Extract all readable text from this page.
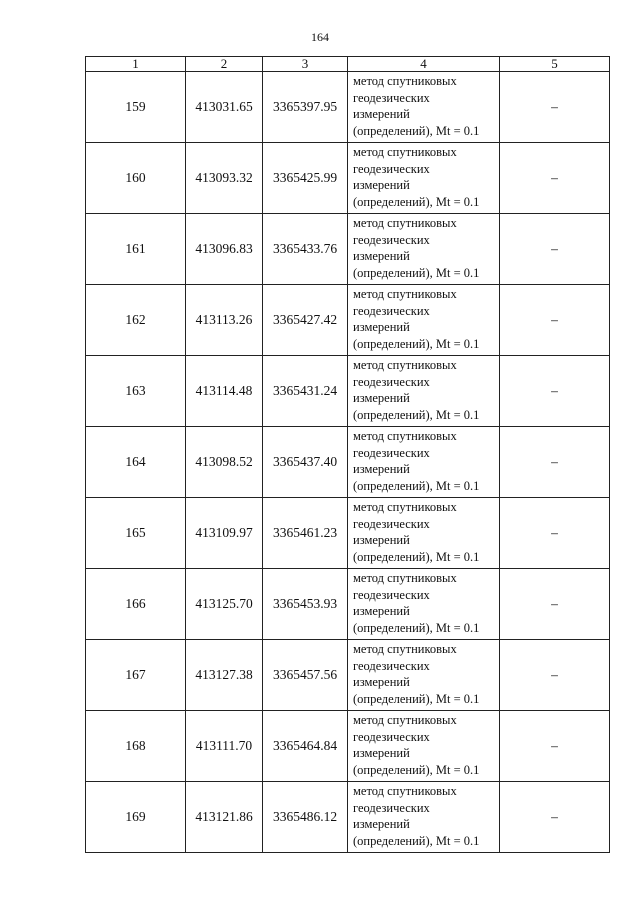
164
1	2	3	4	5
159	413031.65	3365397.95	метод спутниковых
геодезических
измерений
(определений), Mt = 0.1	–
160	413093.32	3365425.99	метод спутниковых
геодезических
измерений
(определений), Mt = 0.1	–
161	413096.83	3365433.76	метод спутниковых
геодезических
измерений
(определений), Mt = 0.1	–
162	413113.26	3365427.42	метод спутниковых
геодезических
измерений
(определений), Mt = 0.1	–
163	413114.48	3365431.24	метод спутниковых
геодезических
измерений
(определений), Mt = 0.1	–
164	413098.52	3365437.40	метод спутниковых
геодезических
измерений
(определений), Mt = 0.1	–
165	413109.97	3365461.23	метод спутниковых
геодезических
измерений
(определений), Mt = 0.1	–
166	413125.70	3365453.93	метод спутниковых
геодезических
измерений
(определений), Mt = 0.1	–
167	413127.38	3365457.56	метод спутниковых
геодезических
измерений
(определений), Mt = 0.1	–
168	413111.70	3365464.84	метод спутниковых
геодезических
измерений
(определений), Mt = 0.1	–
169	413121.86	3365486.12	метод спутниковых
геодезических
измерений
(определений), Mt = 0.1	–
